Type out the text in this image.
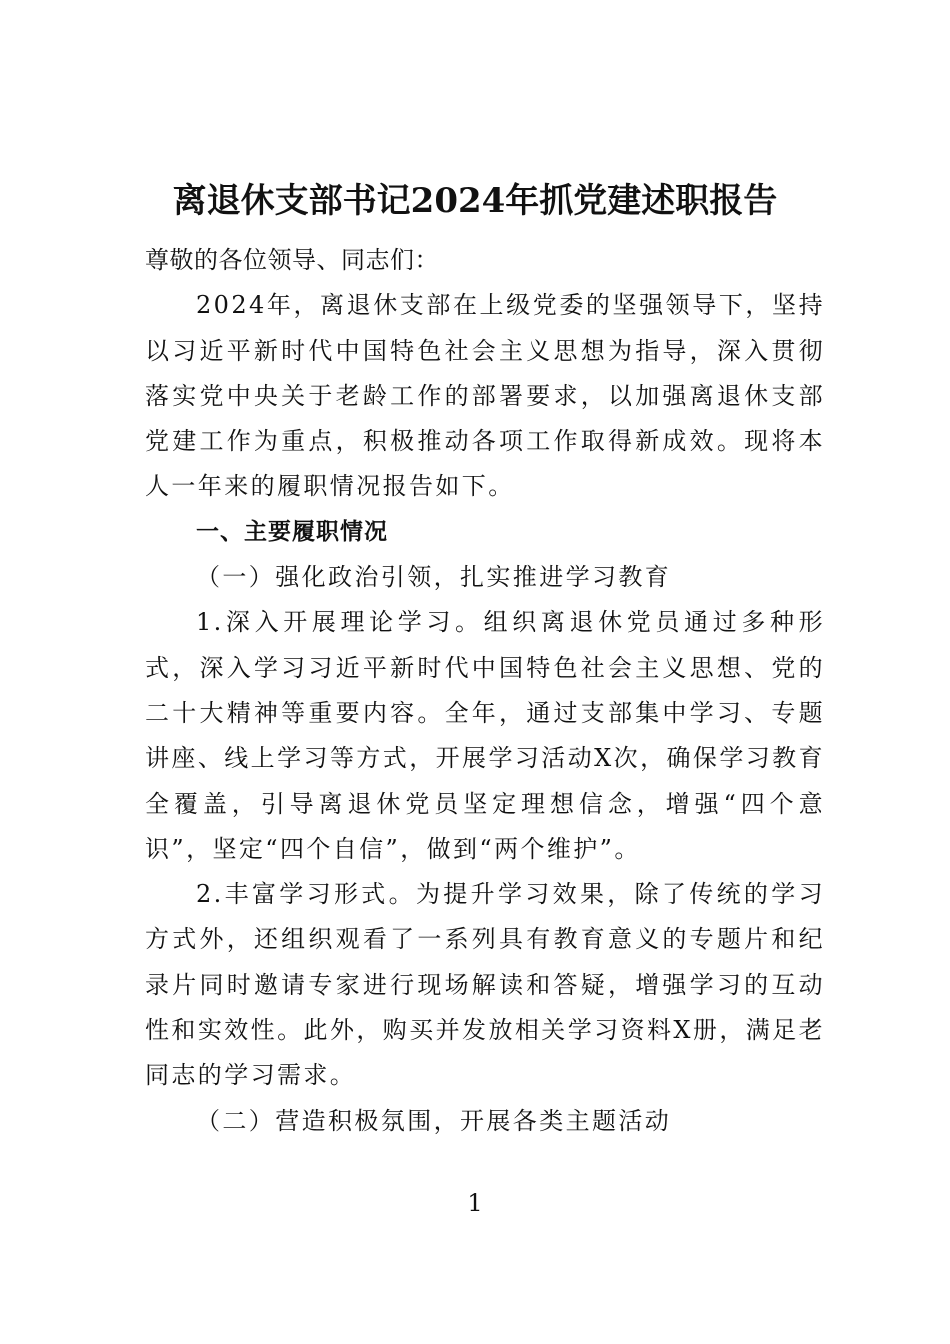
离退休支部书记2024年抓党建述职报告

尊敬的各位领导、同志们：

2024年，离退休支部在上级党委的坚强领导下，坚持以习近平新时代中国特色社会主义思想为指导，深入贯彻落实党中央关于老龄工作的部署要求，以加强离退休支部党建工作为重点，积极推动各项工作取得新成效。现将本人一年来的履职情况报告如下。

一、主要履职情况

（一）强化政治引领，扎实推进学习教育

1.深入开展理论学习。组织离退休党员通过多种形式，深入学习习近平新时代中国特色社会主义思想、党的二十大精神等重要内容。全年，通过支部集中学习、专题讲座、线上学习等方式，开展学习活动X次，确保学习教育全覆盖，引导离退休党员坚定理想信念，增强“四个意识”，坚定“四个自信”，做到“两个维护”。

2.丰富学习形式。为提升学习效果，除了传统的学习方式外，还组织观看了一系列具有教育意义的专题片和纪录片同时邀请专家进行现场解读和答疑，增强学习的互动性和实效性。此外，购买并发放相关学习资料X册，满足老同志的学习需求。

（二）营造积极氛围，开展各类主题活动

1
